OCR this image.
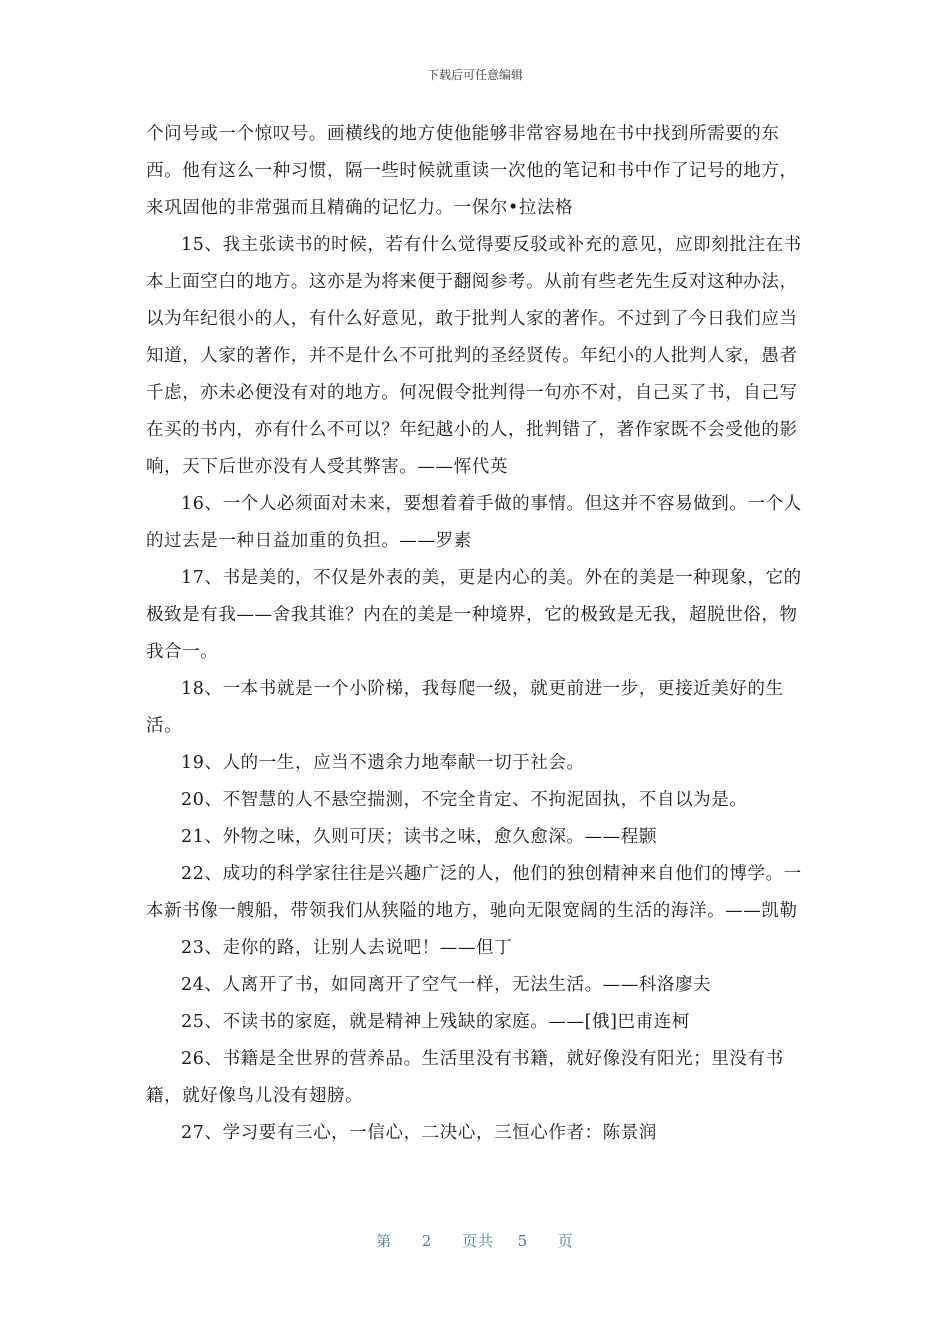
下载后可任意编辑

个问号或一个惊叹号。画横线的地方使他能够非常容易地在书中找到所需要的东西。他有这么一种习惯，隔一些时候就重读一次他的笔记和书中作了记号的地方，来巩固他的非常强而且精确的记忆力。一保尔•拉法格

15、我主张读书的时候，若有什么觉得要反驳或补充的意见，应即刻批注在书本上面空白的地方。这亦是为将来便于翻阅参考。从前有些老先生反对这种办法，以为年纪很小的人，有什么好意见，敢于批判人家的著作。不过到了今日我们应当知道，人家的著作，并不是什么不可批判的圣经贤传。年纪小的人批判人家，愚者千虑，亦未必便没有对的地方。何况假令批判得一句亦不对，自己买了书，自己写在买的书内，亦有什么不可以？年纪越小的人，批判错了，著作家既不会受他的影响，天下后世亦没有人受其弊害。——恽代英

16、一个人必须面对未来，要想着着手做的事情。但这并不容易做到。一个人的过去是一种日益加重的负担。——罗素

17、书是美的，不仅是外表的美，更是内心的美。外在的美是一种现象，它的极致是有我——舍我其谁？内在的美是一种境界，它的极致是无我，超脱世俗，物我合一。

18、一本书就是一个小阶梯，我每爬一级，就更前进一步，更接近美好的生活。

19、人的一生，应当不遗余力地奉献一切于社会。

20、不智慧的人不悬空揣测，不完全肯定、不拘泥固执，不自以为是。

21、外物之味，久则可厌；读书之味，愈久愈深。——程颢

22、成功的科学家往往是兴趣广泛的人，他们的独创精神来自他们的博学。一本新书像一艘船，带领我们从狭隘的地方，驰向无限宽阔的生活的海洋。——凯勒

23、走你的路，让别人去说吧！——但丁

24、人离开了书，如同离开了空气一样，无法生活。——科洛廖夫

25、不读书的家庭，就是精神上残缺的家庭。——[俄]巴甫连柯

26、书籍是全世界的营养品。生活里没有书籍，就好像没有阳光；里没有书籍，就好像鸟儿没有翅膀。

27、学习要有三心，一信心，二决心，三恒心作者：陈景润

第 2 页共 5 页
